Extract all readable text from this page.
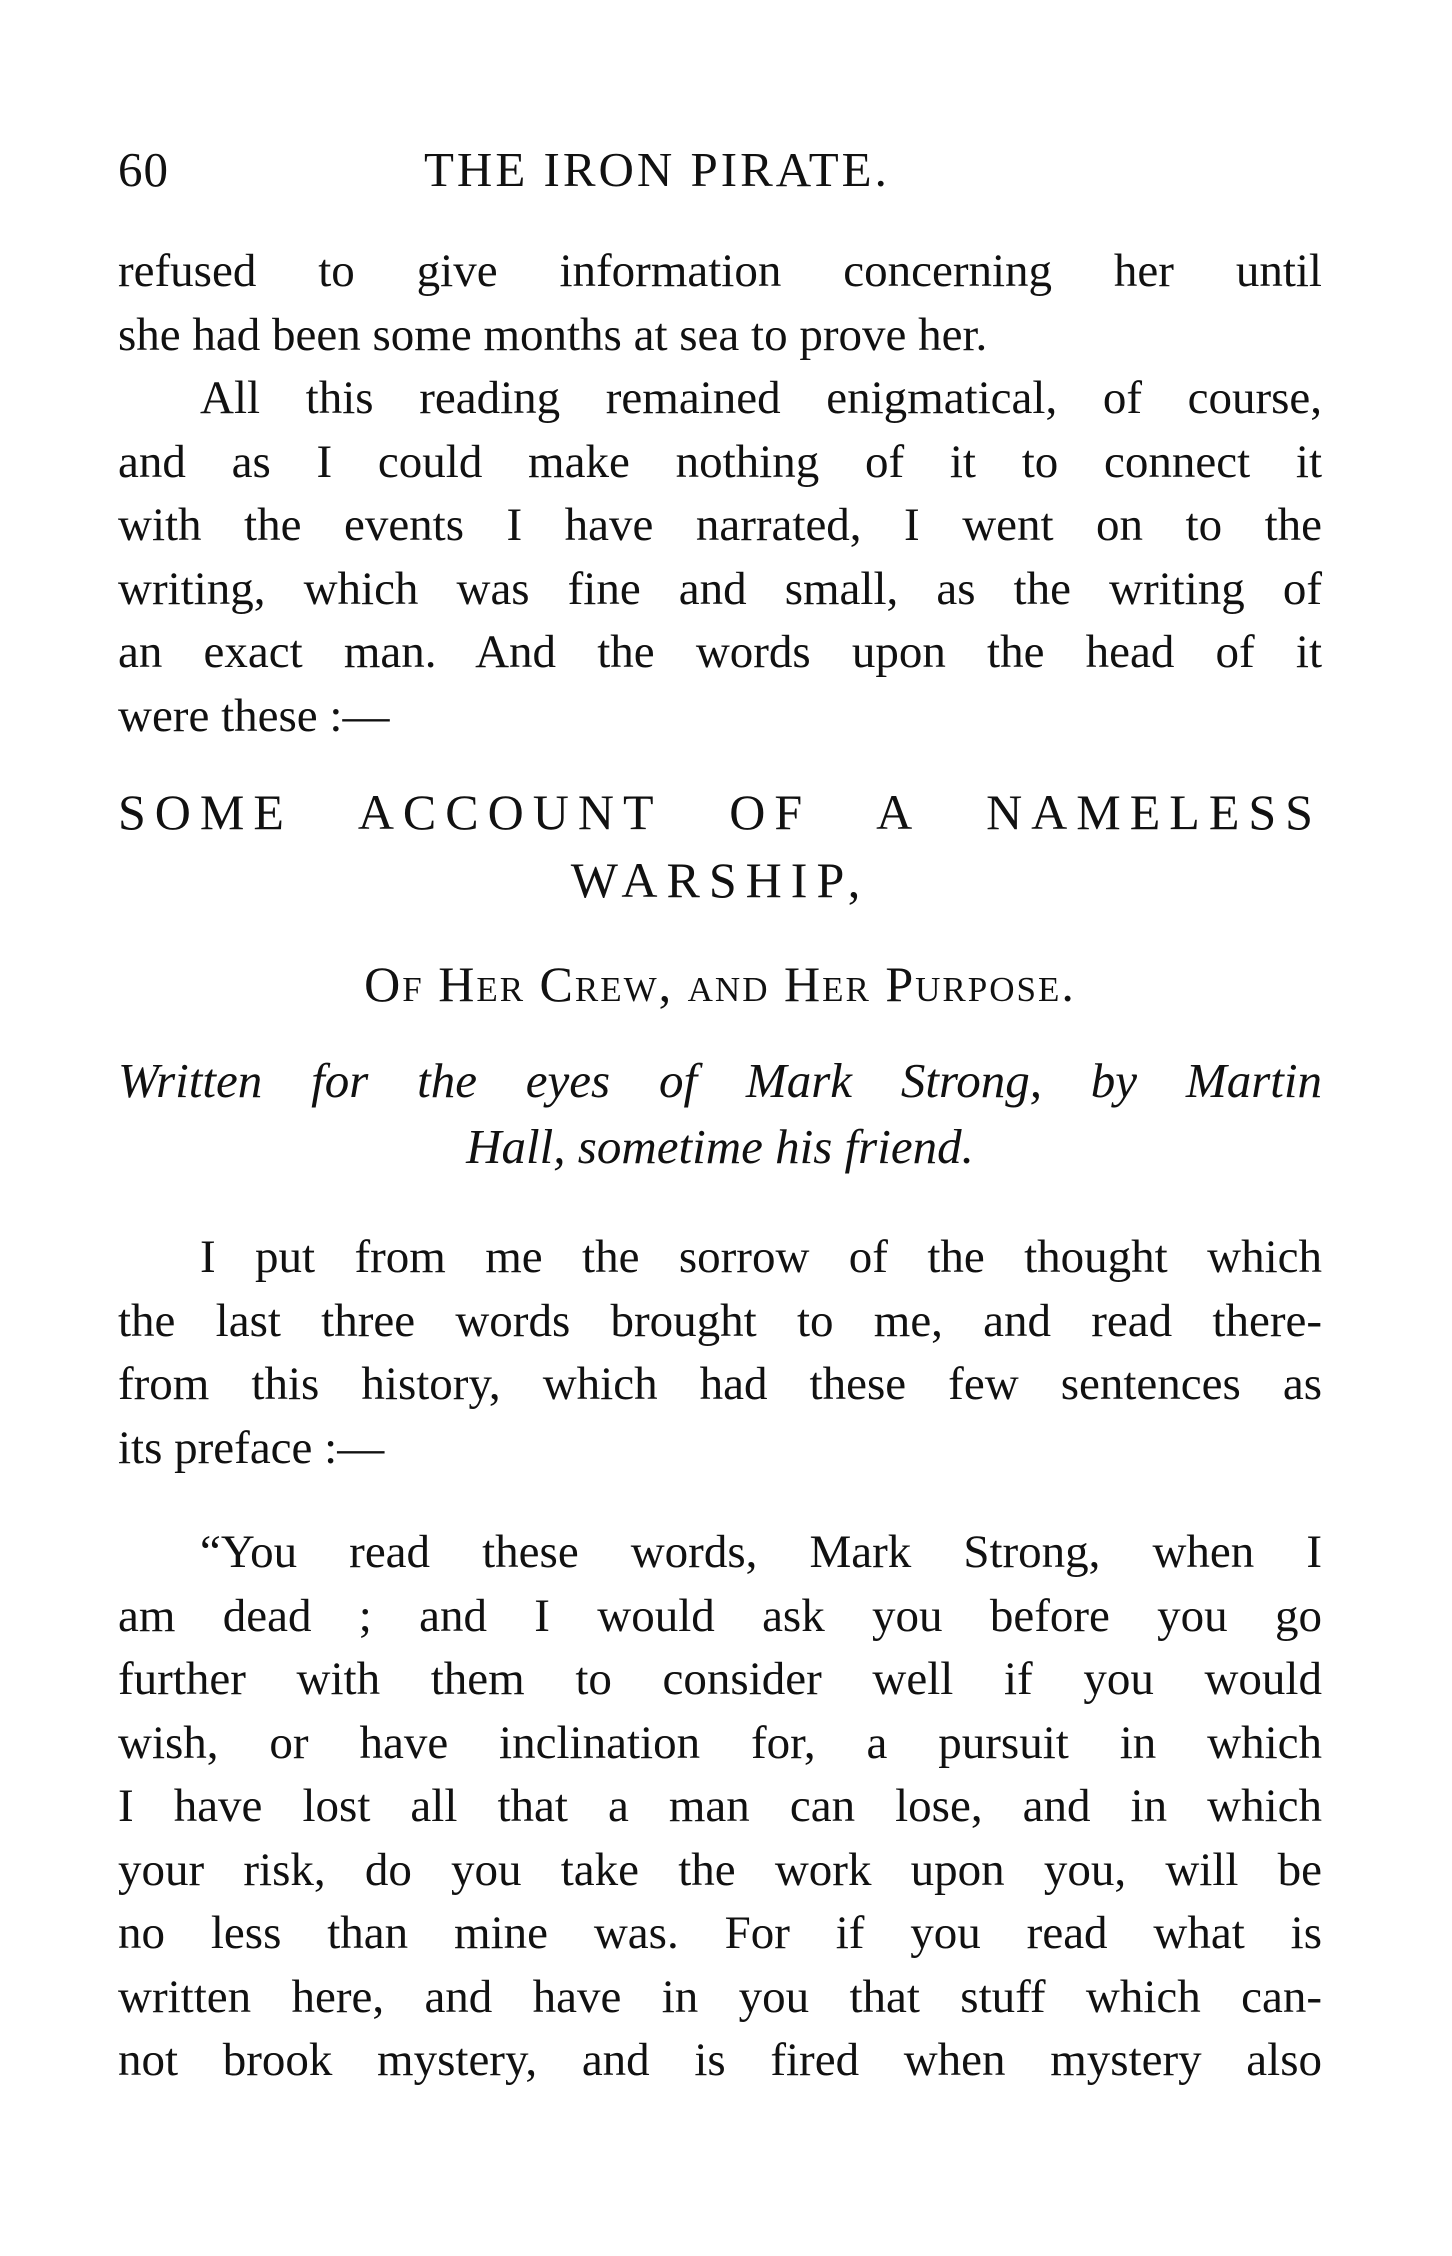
60	THE IRON PIRATE.
refused to give information concerning her until
she had been some months at sea to prove her.
All this reading remained enigmatical, of course,
and as I could make nothing of it to connect it
with the events I have narrated, I went on to the
writing, which was fine and small, as the writing of
an exact man. And the words upon the head of it
were these :—
SOME ACCOUNT OF A NAMELESS
WARSHIP,
Of Her Crew, and Her Purpose.
Written for the eyes of Mark Strong, by Martin
Hall, sometime his friend.
I put from me the sorrow of the thought which
the last three words brought to me, and read there-
from this history, which had these few sentences as
its preface :—
“You read these words, Mark Strong, when I
am dead ; and I would ask you before you go
further with them to consider well if you would
wish, or have inclination for, a pursuit in which
I have lost all that a man can lose, and in which
your risk, do you take the work upon you, will be
no less than mine was. For if you read what is
written here, and have in you that stuff which can-
not brook mystery, and is fired when mystery also
